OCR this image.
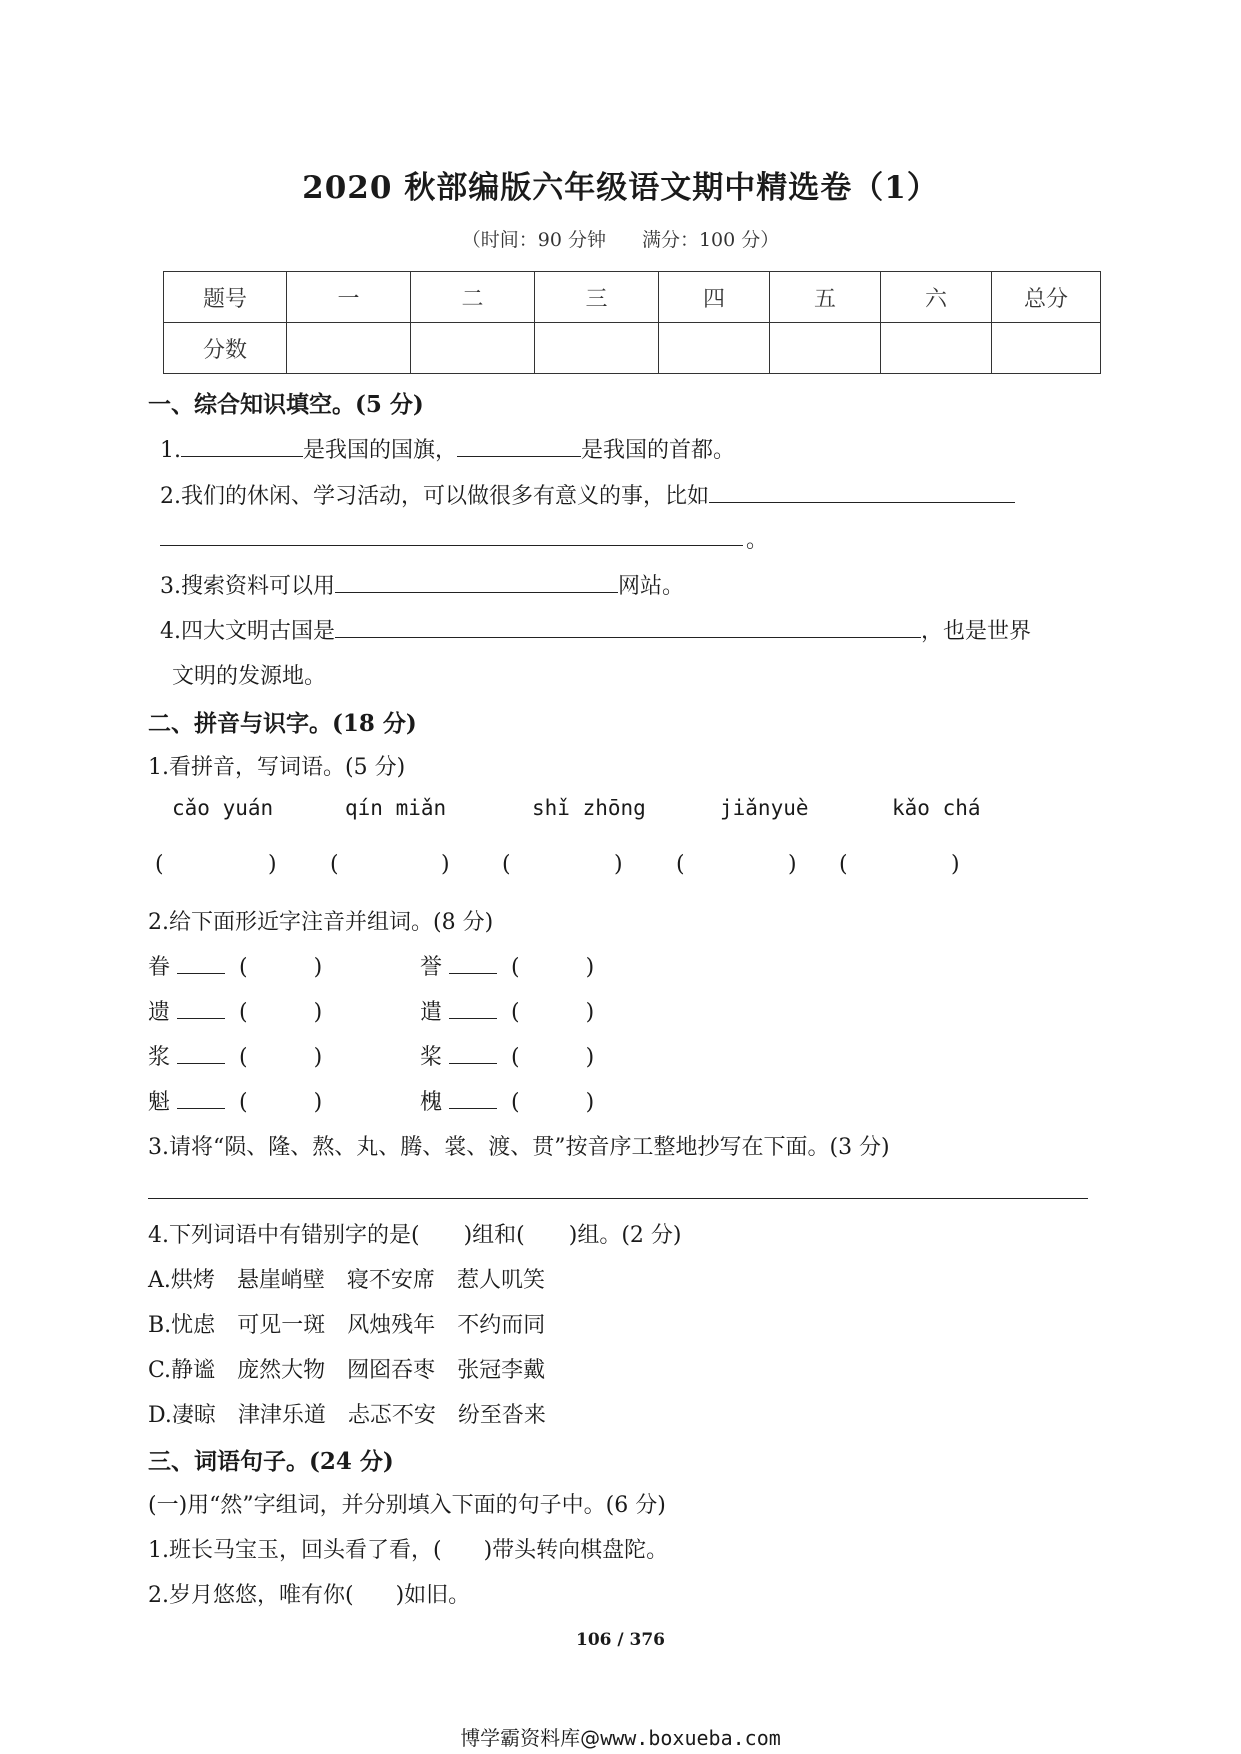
2020 秋部编版六年级语文期中精选卷（1）
（时间：90 分钟 满分：100 分）
题号	一	二	三	四	五	六	总分
分数							
一、综合知识填空。(5 分)
1.	是我国的国旗，	是我国的首都。
2.我们的休闲、学习活动，可以做很多有意义的事，比如
。
3.搜索资料可以用	网站。
4.四大文明古国是	，也是世界
文明的发源地。
二、拼音与识字。(18 分)
1.看拼音，写词语。(5 分)
cǎo yuán	qín miǎn	shǐ zhōng	jiǎnyuè	kǎo chá
(	) (	) (	) (	) (	)
2.给下面形近字注音并组词。(8 分)
眷	(　　　)	誉	(　　　)
遗	(　　　)	遣	(　　　)
浆	(　　　)	桨	(　　　)
魁	(　　　)	槐	(　　　)
3.请将“陨、隆、熬、丸、腾、裳、渡、贯”按音序工整地抄写在下面。(3 分)
4.下列词语中有错别字的是(　　)组和(　　)组。(2 分)
A.烘烤 悬崖峭壁 寝不安席 惹人叽笑
B.忧虑 可见一斑 风烛残年 不约而同
C.静谧 庞然大物 囫囵吞枣 张冠李戴
D.凄晾 津津乐道 忐忑不安 纷至沓来
三、词语句子。(24 分)
(一)用“然”字组词，并分别填入下面的句子中。(6 分)
1.班长马宝玉，回头看了看，( )带头转向棋盘陀。
2.岁月悠悠，唯有你( )如旧。
106 / 376
博学霸资料库@www.boxueba.com
